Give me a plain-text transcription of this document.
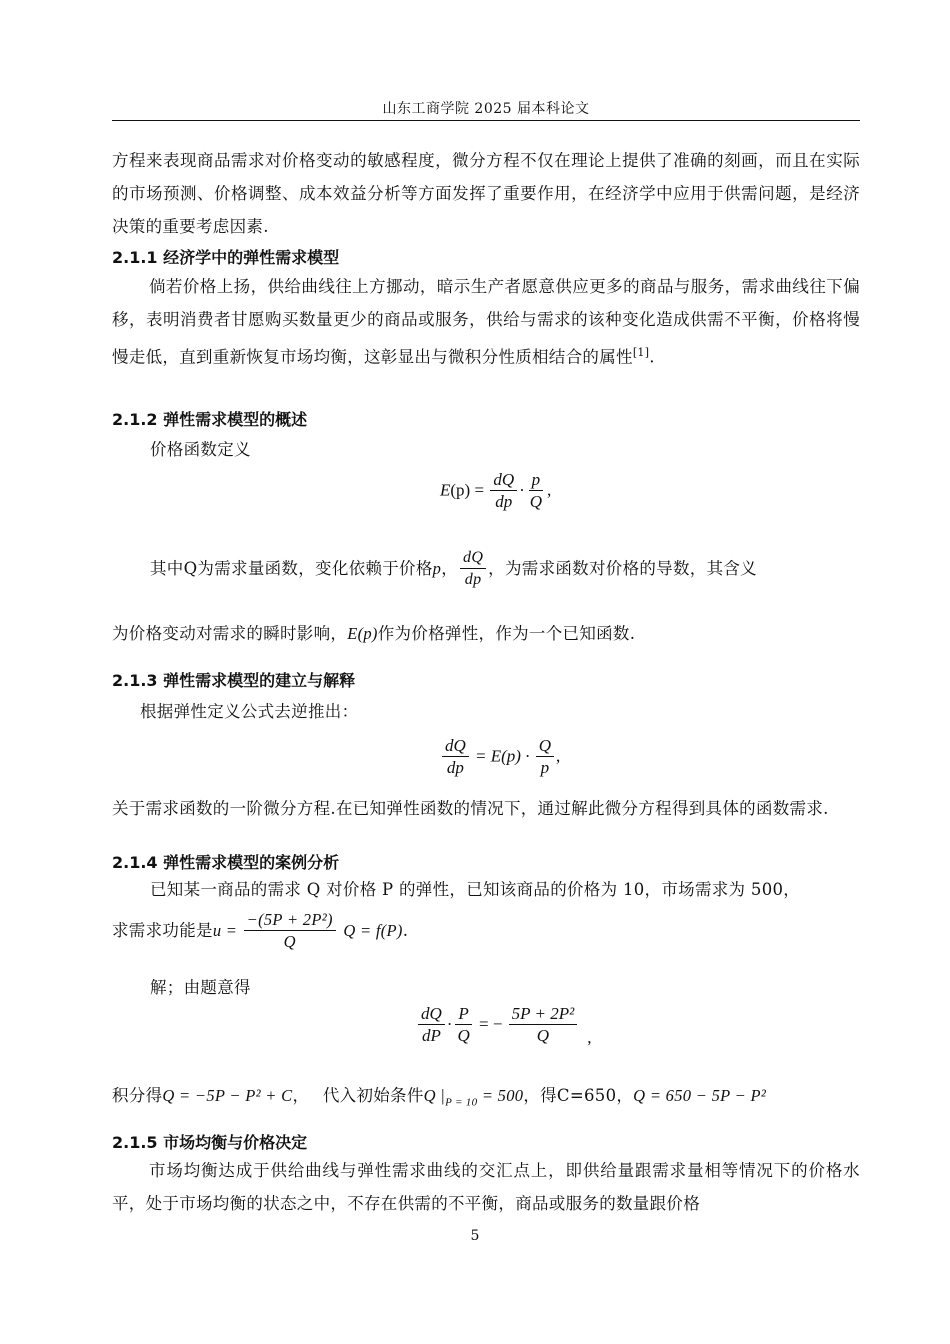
山东工商学院 2025 届本科论文

方程来表现商品需求对价格变动的敏感程度，微分方程不仅在理论上提供了准确的刻画，而且在实际的市场预测、价格调整、成本效益分析等方面发挥了重要作用，在经济学中应用于供需问题，是经济决策的重要考虑因素.

2.1.1 经济学中的弹性需求模型

倘若价格上扬，供给曲线往上方挪动，暗示生产者愿意供应更多的商品与服务，需求曲线往下偏移，表明消费者甘愿购买数量更少的商品或服务，供给与需求的该种变化造成供需不平衡，价格将慢慢走低，直到重新恢复市场均衡，这彰显出与微积分性质相结合的属性[1].

2.1.2 弹性需求模型的概述
价格函数定义
$E(p) = \frac{dQ}{dp} \cdot \frac{p}{Q}$ ,
其中Q为需求量函数，变化依赖于价格p， $\frac{dQ}{dp}$ ，为需求函数对价格的导数，其含义
为价格变动对需求的瞬时影响，E(p)作为价格弹性，作为一个已知函数.
2.1.3 弹性需求模型的建立与解释
根据弹性定义公式去逆推出：
$\frac{dQ}{dp} = E(p) \cdot \frac{Q}{p}$ ,

关于需求函数的一阶微分方程.在已知弹性函数的情况下，通过解此微分方程得到具体的函数需求.

2.1.4 弹性需求模型的案例分析
已知某一商品的需求 Q 对价格 P 的弹性，已知该商品的价格为 10，市场需求为 500，
求需求功能是$u = \frac{\text{−(5P + 2P²)}}{Q}$ Q = f(P).
解；由题意得
$\frac{dQ}{dP} \cdot \frac{P}{Q}$ = − $\frac{\text{5P + 2P²}}{Q}$ ,
积分得Q = −5P − P² + C， 代入初始条件Q $|_{P = 10} = 500$，得C=650，Q = 650 − 5P − P²
2.1.5 市场均衡与价格决定

市场均衡达成于供给曲线与弹性需求曲线的交汇点上，即供给量跟需求量相等情况下的价格水平，处于市场均衡的状态之中，不存在供需的不平衡，商品或服务的数量跟价格

5
